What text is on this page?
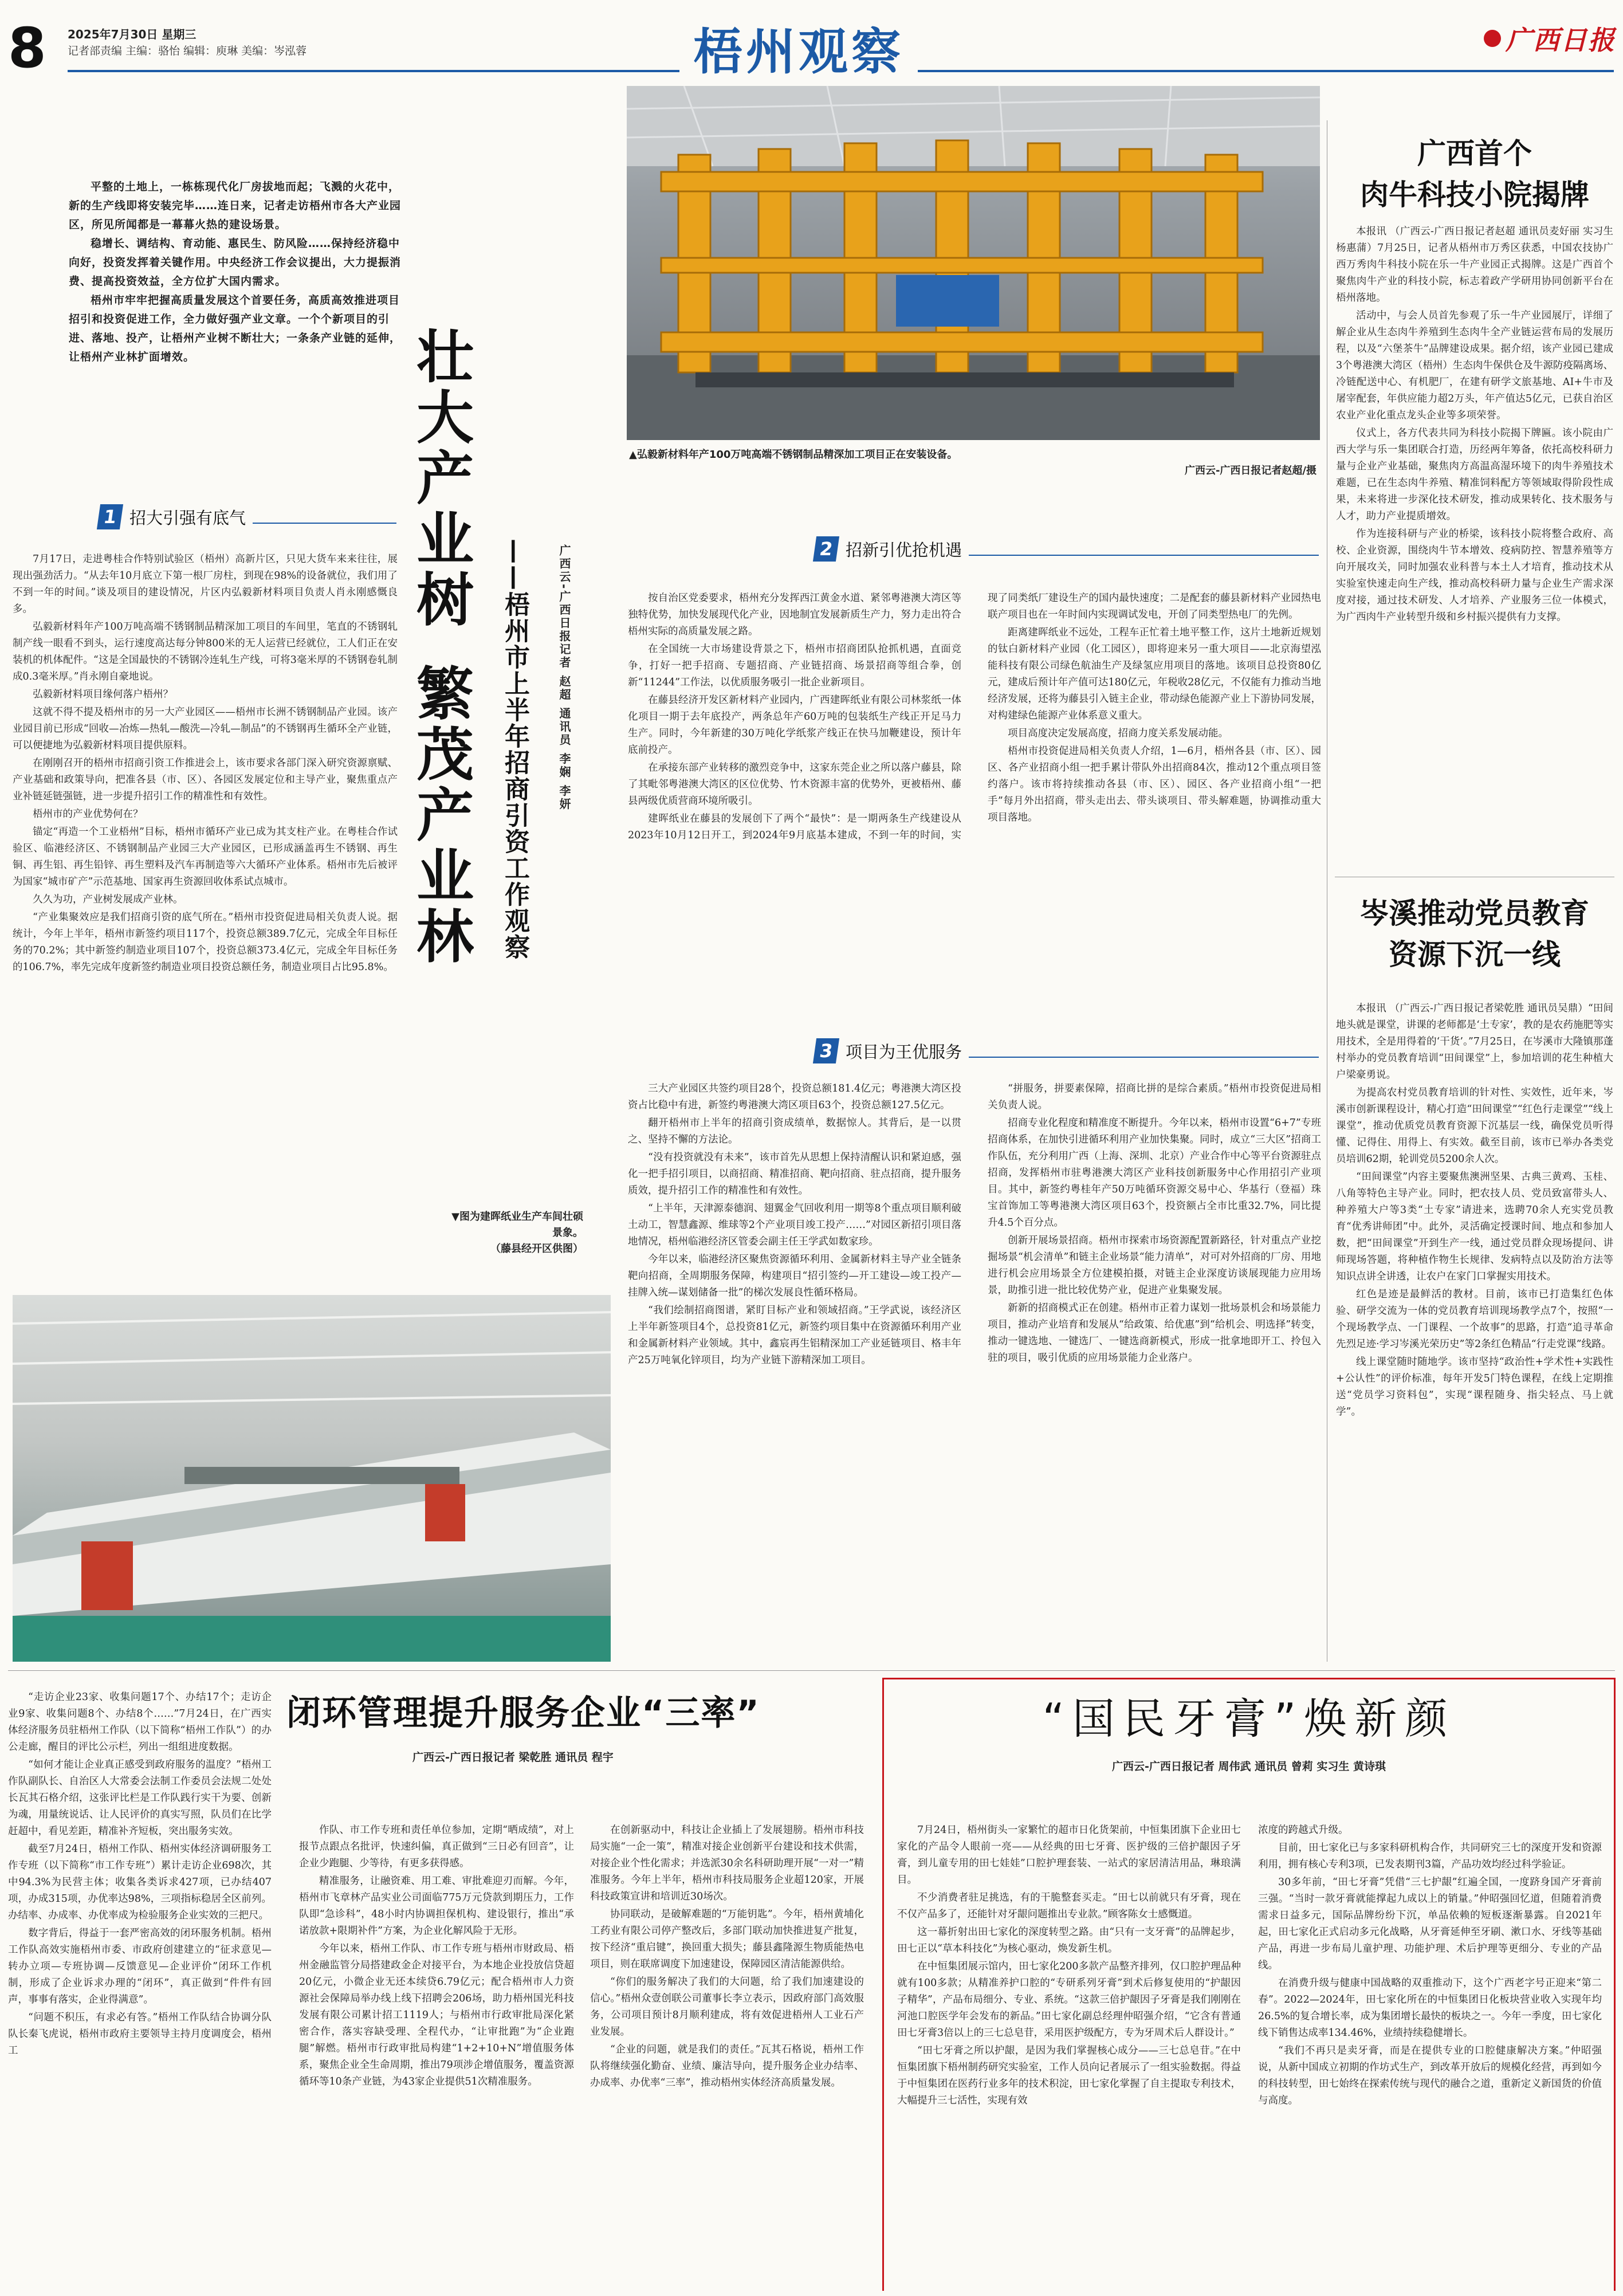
8 2025年7月30日 星期三
记者部责编 主编：骆怡 编辑：庾琳 美编：岑泓蓉	梧州观察	广西日报

平整的土地上，一栋栋现代化厂房拔地而起；飞溅的火花中，新的生产线即将安装完毕……连日来，记者走访梧州市各大产业园区，所见所闻都是一幕幕火热的建设场景。

稳增长、调结构、育动能、惠民生、防风险……保持经济稳中向好，投资发挥着关键作用。中央经济工作会议提出，大力提振消费、提高投资效益，全方位扩大国内需求。

梧州市牢牢把握高质量发展这个首要任务，高质高效推进项目招引和投资促进工作，全力做好强产业文章。一个个新项目的引进、落地、投产，让梧州产业树不断壮大；一条条产业链的延伸，让梧州产业林扩面增效。	壮大产业树
繁茂产业林 ——梧州市上半年招商引资工作观察	广西云-广西日报记者 赵超 通讯员 李娴 李妍
1 招大引强有底气

7月17日，走进粤桂合作特别试验区（梧州）高新片区，只见大货车来来往往，展现出强劲活力。“从去年10月底立下第一根厂房柱，到现在98%的设备就位，我们用了不到一年的时间。”谈及项目的建设情况，片区内弘毅新材料项目负责人肖永刚感慨良多。

弘毅新材料年产100万吨高端不锈钢制品精深加工项目的车间里，笔直的不锈钢轧制产线一眼看不到头，运行速度高达每分钟800米的无人运营已经就位，工人们正在安装机的机体配件。“这是全国最快的不锈钢冷连轧生产线，可将3毫米厚的不锈钢卷轧制成0.3毫米厚。”肖永刚自豪地说。

弘毅新材料项目缘何落户梧州？

这就不得不提及梧州市的另一大产业园区——梧州市长洲不锈钢制品产业园。该产业园目前已形成“回收—冶炼—热轧—酸洗—冷轧—制品”的不锈钢再生循环全产业链，可以便捷地为弘毅新材料项目提供原料。

在刚刚召开的梧州市招商引资工作推进会上，该市要求各部门深入研究资源禀赋、产业基础和政策导向，把准各县（市、区）、各园区发展定位和主导产业，聚焦重点产业补链延链强链，进一步提升招引工作的精准性和有效性。

梧州市的产业优势何在？

锚定“再造一个工业梧州”目标，梧州市循环产业已成为其支柱产业。在粤桂合作试验区、临港经济区、不锈钢制品产业园三大产业园区，已形成涵盖再生不锈钢、再生铜、再生铝、再生铅锌、再生塑料及汽车再制造等六大循环产业体系。梧州市先后被评为国家“城市矿产”示范基地、国家再生资源回收体系试点城市。

久久为功，产业树发展成产业林。

“产业集聚效应是我们招商引资的底气所在。”梧州市投资促进局相关负责人说。据统计，今年上半年，梧州市新签约项目117个，投资总额389.7亿元，完成全年目标任务的70.2%；其中新签约制造业项目107个，投资总额373.4亿元，完成全年目标任务的106.7%，率先完成年度新签约制造业项目投资总额任务，制造业项目占比95.8%。

▼图为建晖纸业生产车间壮硕景象。
（藤县经开区供图）
▲弘毅新材料年产100万吨高端不锈钢制品精深加工项目正在安装设备。
广西云-广西日报记者赵超/摄
2 招新引优抢机遇

按自治区党委要求，梧州充分发挥西江黄金水道、紧邻粤港澳大湾区等独特优势，加快发展现代化产业，因地制宜发展新质生产力，努力走出符合梧州实际的高质量发展之路。

在全国统一大市场建设背景之下，梧州市招商团队抢抓机遇，直面竞争，打好一把手招商、专题招商、产业链招商、场景招商等组合拳，创新“11244”工作法，以优质服务吸引一批企业新项目。

在藤县经济开发区新材料产业园内，广西建晖纸业有限公司林浆纸一体化项目一期于去年底投产，两条总年产60万吨的包装纸生产线正开足马力生产。同时，今年新建的30万吨化学纸浆产线正在快马加鞭建设，预计年底前投产。

在承接东部产业转移的激烈竞争中，这家东莞企业之所以落户藤县，除了其毗邻粤港澳大湾区的区位优势、竹木资源丰富的优势外，更被梧州、藤县两级优质营商环境所吸引。

建晖纸业在藤县的发展创下了两个“最快”：是一期两条生产线建设从2023年10月12日开工，到2024年9月底基本建成，不到一年的时间，实现了同类纸厂建设生产的国内最快速度；二是配套的藤县新材料产业园热电联产项目也在一年时间内实现调试发电，开创了同类型热电厂的先例。

距离建晖纸业不远处，工程车正忙着土地平整工作，这片土地新近规划的钛白新材料产业园（化工园区），即将迎来另一重大项目——北京海望泓能科技有限公司绿色航油生产及绿氢应用项目的落地。该项目总投资80亿元，建成后预计年产值可达180亿元，年税收28亿元，不仅能有力推动当地经济发展，还将为藤县引入链主企业，带动绿色能源产业上下游协同发展，对构建绿色能源产业体系意义重大。

项目高度决定发展高度，招商力度关系发展动能。

梧州市投资促进局相关负责人介绍，1—6月，梧州各县（市、区）、园区、各产业招商小组一把手累计带队外出招商84次，推动12个重点项目签约落户。该市将持续推动各县（市、区）、园区、各产业招商小组“一把手”每月外出招商，带头走出去、带头谈项目、带头解难题，协调推动重大项目落地。

3 项目为王优服务

三大产业园区共签约项目28个，投资总额181.4亿元；粤港澳大湾区投资占比稳中有进，新签约粤港澳大湾区项目63个，投资总额127.5亿元。

翻开梧州市上半年的招商引资成绩单，数据惊人。其背后，是一以贯之、坚持不懈的方法论。

“没有投资就没有未来”，该市首先从思想上保持清醒认识和紧迫感，强化一把手招引项目，以商招商、精准招商、靶向招商、驻点招商，提升服务质效，提升招引工作的精准性和有效性。

“上半年，天津源泰德润、翅翼金气回收利用一期等8个重点项目顺利破土动工，智慧鑫源、维球等2个产业项目竣工投产……”对园区新招引项目落地情况，梧州临港经济区管委会副主任王学武如数家珍。

今年以来，临港经济区聚焦资源循环利用、金属新材料主导产业全链条靶向招商，全周期服务保障，构建项目“招引签约—开工建设—竣工投产—挂牌入统—谋划储备一批”的梯次发展良性循环格局。

“我们绘制招商图谱，紧盯目标产业和领域招商。”王学武说，该经济区上半年新签项目4个，总投资81亿元，新签约项目集中在资源循环利用产业和金属新材料产业领域。其中，鑫宸再生铝精深加工产业延链项目、格丰年产25万吨氧化锌项目，均为产业链下游精深加工项目。

“拼服务，拼要素保障，招商比拼的是综合素质。”梧州市投资促进局相关负责人说。

招商专业化程度和精准度不断提升。今年以来，梧州市设置“6+7”专班招商体系，在加快引进循环利用产业加快集聚。同时，成立“三大区”招商工作队伍，充分利用广西（上海、深圳、北京）产业合作中心等平台资源驻点招商，发挥梧州市驻粤港澳大湾区产业科技创新服务中心作用招引产业项目。其中，新签约粤桂年产50万吨循环资源交易中心、华基行（登福）珠宝首饰加工等粤港澳大湾区项目63个，投资额占全市比重32.7%，同比提升4.5个百分点。

创新开展场景招商。梧州市探索市场资源配置新路径，针对重点产业挖掘场景“机会清单”和链主企业场景“能力清单”，对可对外招商的厂房、用地进行机会应用场景全方位建模拍摄，对链主企业深度访谈展现能力应用场景，助推引进一批比较优势产业，促进产业集聚发展。

新新的招商模式正在创建。梧州市正着力谋划一批场景机会和场景能力项目，推动产业培育和发展从“给政策、给优惠”到“给机会、明选择”转变，推动一键选地、一键选厂、一键选商新模式，形成一批拿地即开工、拎包入驻的项目，吸引优质的应用场景能力企业落户。

广西首个
肉牛科技小院揭牌

本报讯 （广西云-广西日报记者赵超 通讯员麦好丽 实习生杨惠蒲）7月25日，记者从梧州市万秀区获悉，中国农技协广西万秀肉牛科技小院在乐一牛产业园正式揭牌。这是广西首个聚焦肉牛产业的科技小院，标志着政产学研用协同创新平台在梧州落地。

活动中，与会人员首先参观了乐一牛产业园展厅，详细了解企业从生态肉牛养殖到生态肉牛全产业链运营布局的发展历程，以及“六堡茶牛”品牌建设成果。据介绍，该产业园已建成3个粤港澳大湾区（梧州）生态肉牛保供仓及牛源防疫隔离场、冷链配送中心、有机肥厂，在建有研学文旅基地、AI+牛市及屠宰配套，年供应能力超2万头，年产值达5亿元，已获自治区农业产业化重点龙头企业等多项荣誉。

仪式上，各方代表共同为科技小院揭下牌匾。该小院由广西大学与乐一集团联合打造，历经两年筹备，依托高校科研力量与企业产业基础，聚焦肉方高温高湿环境下的肉牛养殖技术难题，已在生态肉牛养殖、精准饲料配方等领域取得阶段性成果，未来将进一步深化技术研发，推动成果转化、技术服务与人才，助力产业提质增效。

作为连接科研与产业的桥梁，该科技小院将整合政府、高校、企业资源，围绕肉牛节本增效、疫病防控、智慧养殖等方向开展攻关，同时加强农业科普与本土人才培育，推动技术从实验室快速走向生产线，推动高校科研力量与企业生产需求深度对接，通过技术研发、人才培养、产业服务三位一体模式，为广西肉牛产业转型升级和乡村振兴提供有力支撑。

岑溪推动党员教育
资源下沉一线

本报讯 （广西云-广西日报记者梁乾胜 通讯员吴鼎）“田间地头就是课堂，讲课的老师都是‘土专家’，教的是农药施肥等实用技术，全是用得着的‘干货’。”7月25日，在岑溪市大隆镇那蓬村举办的党员教育培训“田间课堂”上，参加培训的花生种植大户梁豪勇说。

为提高农村党员教育培训的针对性、实效性，近年来，岑溪市创新课程设计，精心打造“田间课堂”“红色行走课堂”“线上课堂”，推动优质党员教育资源下沉基层一线，确保党员听得懂、记得住、用得上、有实效。截至目前，该市已举办各类党员培训62期，轮训党员5200余人次。

“田间课堂”内容主要聚焦澳洲坚果、古典三黄鸡、玉桂、八角等特色主导产业。同时，把农技人员、党员致富带头人、种养殖大户等3类“土专家”请进来，选聘70余人充实党员教育“优秀讲师团”中。此外，灵活确定授课时间、地点和参加人数，把“田间课堂”开到生产一线，通过党员群众现场提问、讲师现场答题，将种植作物生长规律、发病特点以及防治方法等知识点讲全讲透，让农户在家门口掌握实用技术。

红色是迹是最鲜活的教材。目前，该市已打造集红色体验、研学交流为一体的党员教育培训现场教学点7个，按照“一个现场教学点、一门课程、一个故事”的思路，打造“追寻革命先烈足迹·学习岑溪光荣历史”等2条红色精品“行走党课”线路。

线上课堂随时随地学。该市坚持“政治性+学术性+实践性+公认性”的评价标准，每年开发5门特色课程，在线上定期推送“党员学习资料包”，实现“课程随身、指尖轻点、马上就学”。

“走访企业23家、收集问题17个、办结17个；走访企业9家、收集问题8个、办结8个……”7月24日，在广西实体经济服务员驻梧州工作队（以下简称“梧州工作队”）的办公走廊，醒目的评比公示栏，列出一组组进度数据。

“如何才能让企业真正感受到政府服务的温度？”梧州工作队副队长、自治区人大常委会法制工作委员会法规二处处长瓦其石格介绍，这张评比栏是工作队践行实干为要、创新为魂，用量统说话、让人民评价的真实写照，队员们在比学赶超中，看见差距，精准补齐短板，突出服务实效。

截至7月24日，梧州工作队、梧州实体经济调研服务工作专班（以下简称“市工作专班”）累计走访企业698次，其中94.3%为民营主体；收集各类诉求427项，已办结407项，办成315项，办优率达98%，三项指标稳居全区前列。办结率、办成率、办优率成为检验服务企业实效的三把尺。

数字背后，得益于一套严密高效的闭环服务机制。梧州工作队高效实施梧州市委、市政府创建建立的“征求意见—转办立项—专班协调—反馈意见—企业评价”闭环工作机制，形成了企业诉求办理的“闭环”，真正做到“件件有回声，事事有落实，企业得满意”。

“问题不积压，有求必有答。”梧州工作队结合协调分队队长秦飞虎说，梧州市政府主要领导主持月度调度会，梧州工

闭环管理提升服务企业“三率”
广西云-广西日报记者 梁乾胜 通讯员 程宇

作队、市工作专班和责任单位参加，定期“晒成绩”，对上报节点跟点名批评，快速纠偏，真正做到“三日必有回音”，让企业少跑腿、少等待，有更多获得感。

精准服务，让融资难、用工难、审批难迎刃而解。今年，梧州市飞章林产品实业公司面临775万元贷款到期压力，工作队即“急诊科”，48小时内协调担保机构、建设银行，推出“承诺放款+限期补件”方案，为企业化解风险于无形。

今年以来，梧州工作队、市工作专班与梧州市财政局、梧州金融监管分局搭建政金企对接平台，为本地企业投放信贷超20亿元，小微企业无还本续贷6.79亿元；配合梧州市人力资源社会保障局举办线上线下招聘会206场，助力梧州国光科技发展有限公司累计招工1119人；与梧州市行政审批局深化紧密合作，落实容缺受理、全程代办，“让审批跑”为“企业跑腿”解燃。梧州市行政审批局构建“1+2+10+N”增值服务体系，聚焦企业全生命周期，推出79项涉企增值服务，覆盖资源循环等10条产业链，为43家企业提供51次精准服务。

在创新驱动中，科技让企业插上了发展翅膀。梧州市科技局实施“一企一策”，精准对接企业创新平台建设和技术供需，对接企业个性化需求；并选派30余名科研助理开展“一对一”精准服务。今年上半年，梧州市科技局服务企业超120家，开展科技政策宣讲和培训近30场次。

协同联动，是破解难题的“万能钥匙”。今年，梧州黄埔化工药业有限公司停产整改后，多部门联动加快推进复产批复，按下经济“重启键”，换回重大损失；藤县鑫隆源生物质能热电项目，则在联席调度下加速建设，保障园区清洁能源供给。

“你们的服务解决了我们的大问题，给了我们加速建设的信心。”梧州众壹创联公司董事长李立表示，因政府部门高效服务，公司项目预计8月顺利建成，将有效促进梧州人工业石产业发展。

“企业的问题，就是我们的责任。”瓦其石格说，梧州工作队将继续强化勤奋、业绩、廉洁导向，提升服务企业办结率、办成率、办优率“三率”，推动梧州实体经济高质量发展。

“国民牙膏”焕新颜
广西云-广西日报记者 周伟武 通讯员 曾莉 实习生 黄诗琪

7月24日，梧州街头一家繁忙的超市日化货架前，中恒集团旗下企业田七家化的产品令人眼前一亮——从经典的田七牙膏、医护级的三倍护龈因子牙膏，到儿童专用的田七娃娃”口腔护理套装、一站式的家居清洁用品，琳琅满目。

不少消费者驻足挑选，有的干脆整套买走。“田七以前就只有牙膏，现在不仅产品多了，还能针对牙龈问题推出专业款。”顾客陈女士感慨道。

这一幕折射出田七家化的深度转型之路。由“只有一支牙膏”的品牌起步，田七正以“草本科技化”为核心驱动，焕发新生机。

在中恒集团展示馆内，田七家化200多款产品整齐排列，仅口腔护理品种就有100多款；从精准养护口腔的“专研系列牙膏”到术后修复使用的“护龈因子精华”，产品布局细分、专业、系统。“这款三倍护龈因子牙膏是我们刚刚在河池口腔医学年会发布的新品。”田七家化副总经理仲昭强介绍，“它含有普通田七牙膏3倍以上的三七总皂苷，采用医护级配方，专为牙周术后人群设计。”

“田七牙膏之所以护龈，是因为我们掌握核心成分——三七总皂苷。”在中恒集团旗下梧州制药研究实验室，工作人员向记者展示了一组实验数据。得益于中恒集团在医药行业多年的技术积淀，田七家化掌握了自主提取专利技术，大幅提升三七活性，实现有效

浓度的跨越式升级。

目前，田七家化已与多家科研机构合作，共同研究三七的深度开发和资源利用，拥有核心专利3项，已发表期刊3篇，产品功效均经过科学验证。

30多年前，“田七牙膏”凭借“三七护龈”红遍全国，一度跻身国产牙膏前三强。“当时一款牙膏就能撑起九成以上的销量。”仲昭强回忆道，但随着消费需求日益多元，国际品牌纷纷下沉，单品依赖的短板逐渐暴露。自2021年起，田七家化正式启动多元化战略，从牙膏延伸至牙刷、漱口水、牙线等基础产品，再进一步布局儿童护理、功能护理、术后护理等更细分、专业的产品线。

在消费升级与健康中国战略的双重推动下，这个广西老字号正迎来“第二春”。2022—2024年，田七家化所在的中恒集团日化板块营业收入实现年均26.5%的复合增长率，成为集团增长最快的板块之一。今年一季度，田七家化线下销售达成率134.46%，业绩持续稳健增长。

“我们不再只是卖牙膏，而是在提供专业的口腔健康解决方案。”仲昭强说，从新中国成立初期的作坊式生产，到改革开放后的规模化经营，再到如今的科技转型，田七始终在探索传统与现代的融合之道，重新定义新国货的价值与高度。
